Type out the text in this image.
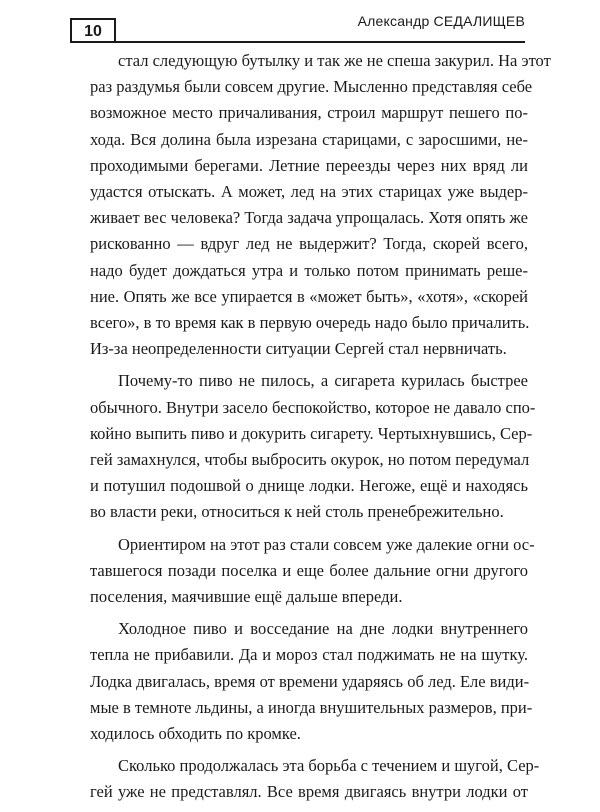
10
Александр СЕДАЛИЩЕВ
стал следующую бутылку и так же не спеша закурил. На этот
раз раздумья были совсем другие. Мысленно представляя себе
возможное место причаливания, строил маршрут пешего по-
хода. Вся долина была изрезана старицами, с заросшими, не-
проходимыми берегами. Летние переезды через них вряд ли
удастся отыскать. А может, лед на этих старицах уже выдер-
живает вес человека? Тогда задача упрощалась. Хотя опять же
рискованно — вдруг лед не выдержит? Тогда, скорей всего,
надо будет дождаться утра и только потом принимать реше-
ние. Опять же все упирается в «может быть», «хотя», «скорей
всего», в то время как в первую очередь надо было причалить.
Из-за неопределенности ситуации Сергей стал нервничать.
Почему-то пиво не пилось, а сигарета курилась быстрее
обычного. Внутри засело беспокойство, которое не давало спо-
койно выпить пиво и докурить сигарету. Чертыхнувшись, Сер-
гей замахнулся, чтобы выбросить окурок, но потом передумал
и потушил подошвой о днище лодки. Негоже, ещё и находясь
во власти реки, относиться к ней столь пренебрежительно.
Ориентиром на этот раз стали совсем уже далекие огни ос-
тавшегося позади поселка и еще более дальние огни другого
поселения, маячившие ещё дальше впереди.
Холодное пиво и восседание на дне лодки внутреннего
тепла не прибавили. Да и мороз стал поджимать не на шутку.
Лодка двигалась, время от времени ударяясь об лед. Еле види-
мые в темноте льдины, а иногда внушительных размеров, при-
ходилось обходить по кромке.
Сколько продолжалась эта борьба с течением и шугой, Сер-
гей уже не представлял. Все время двигаясь внутри лодки от
